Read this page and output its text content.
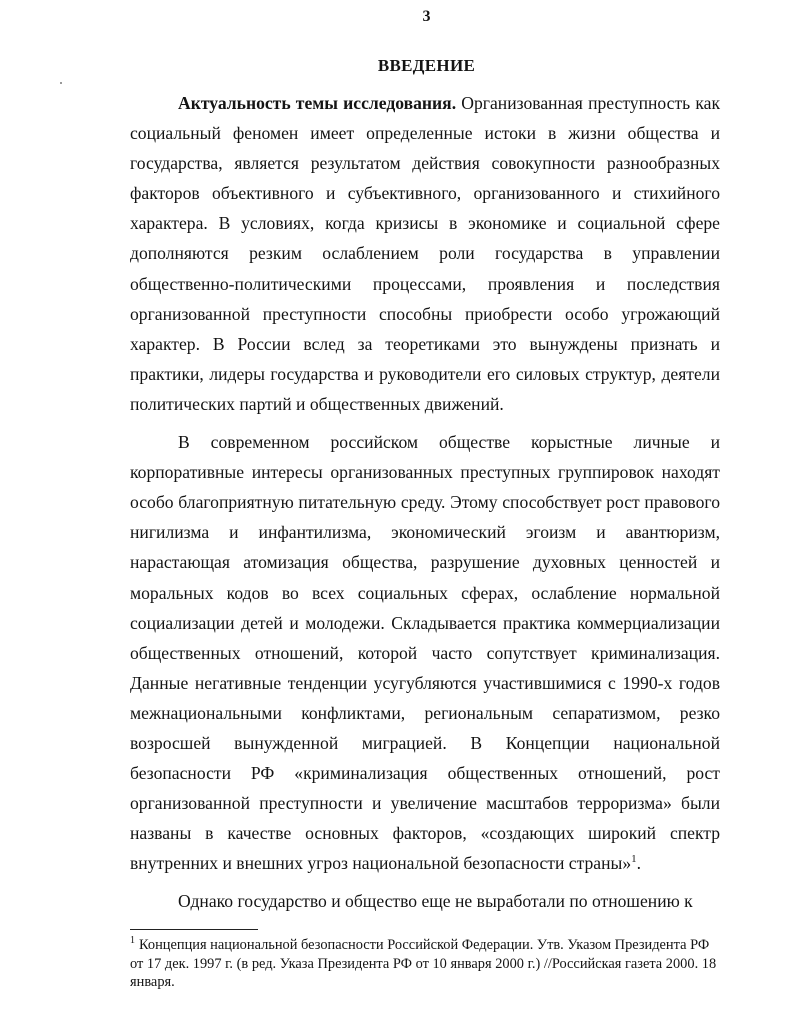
3
ВВЕДЕНИЕ

Актуальность темы исследования. Организованная преступность как социальный феномен имеет определенные истоки в жизни общества и государства, является результатом действия совокупности разнообразных факторов объективного и субъективного, организованного и стихийного характера. В условиях, когда кризисы в экономике и социальной сфере дополняются резким ослаблением роли государства в управлении общественно-политическими процессами, проявления и последствия организованной преступности способны приобрести особо угрожающий характер. В России вслед за теоретиками это вынуждены признать и практики, лидеры государства и руководители его силовых структур, деятели политических партий и общественных движений.

В современном российском обществе корыстные личные и корпоративные интересы организованных преступных группировок находят особо благоприятную питательную среду. Этому способствует рост правового нигилизма и инфантилизма, экономический эгоизм и авантюризм, нарастающая атомизация общества, разрушение духовных ценностей и моральных кодов во всех социальных сферах, ослабление нормальной социализации детей и молодежи. Складывается практика коммерциализации общественных отношений, которой часто сопутствует криминализация. Данные негативные тенденции усугубляются участившимися с 1990-х годов межнациональными конфликтами, региональным сепаратизмом, резко возросшей вынужденной миграцией. В Концепции национальной безопасности РФ «криминализация общественных отношений, рост организованной преступности и увеличение масштабов терроризма» были названы в качестве основных факторов, «создающих широкий спектр внутренних и внешних угроз национальной безопасности страны»$^1$.

Однако государство и общество еще не выработали по отношению к

$^1$ Концепция национальной безопасности Российской Федерации. Утв. Указом Президента РФ от 17 дек. 1997 г. (в ред. Указа Президента РФ от 10 января 2000 г.) //Российская газета 2000. 18 января.
